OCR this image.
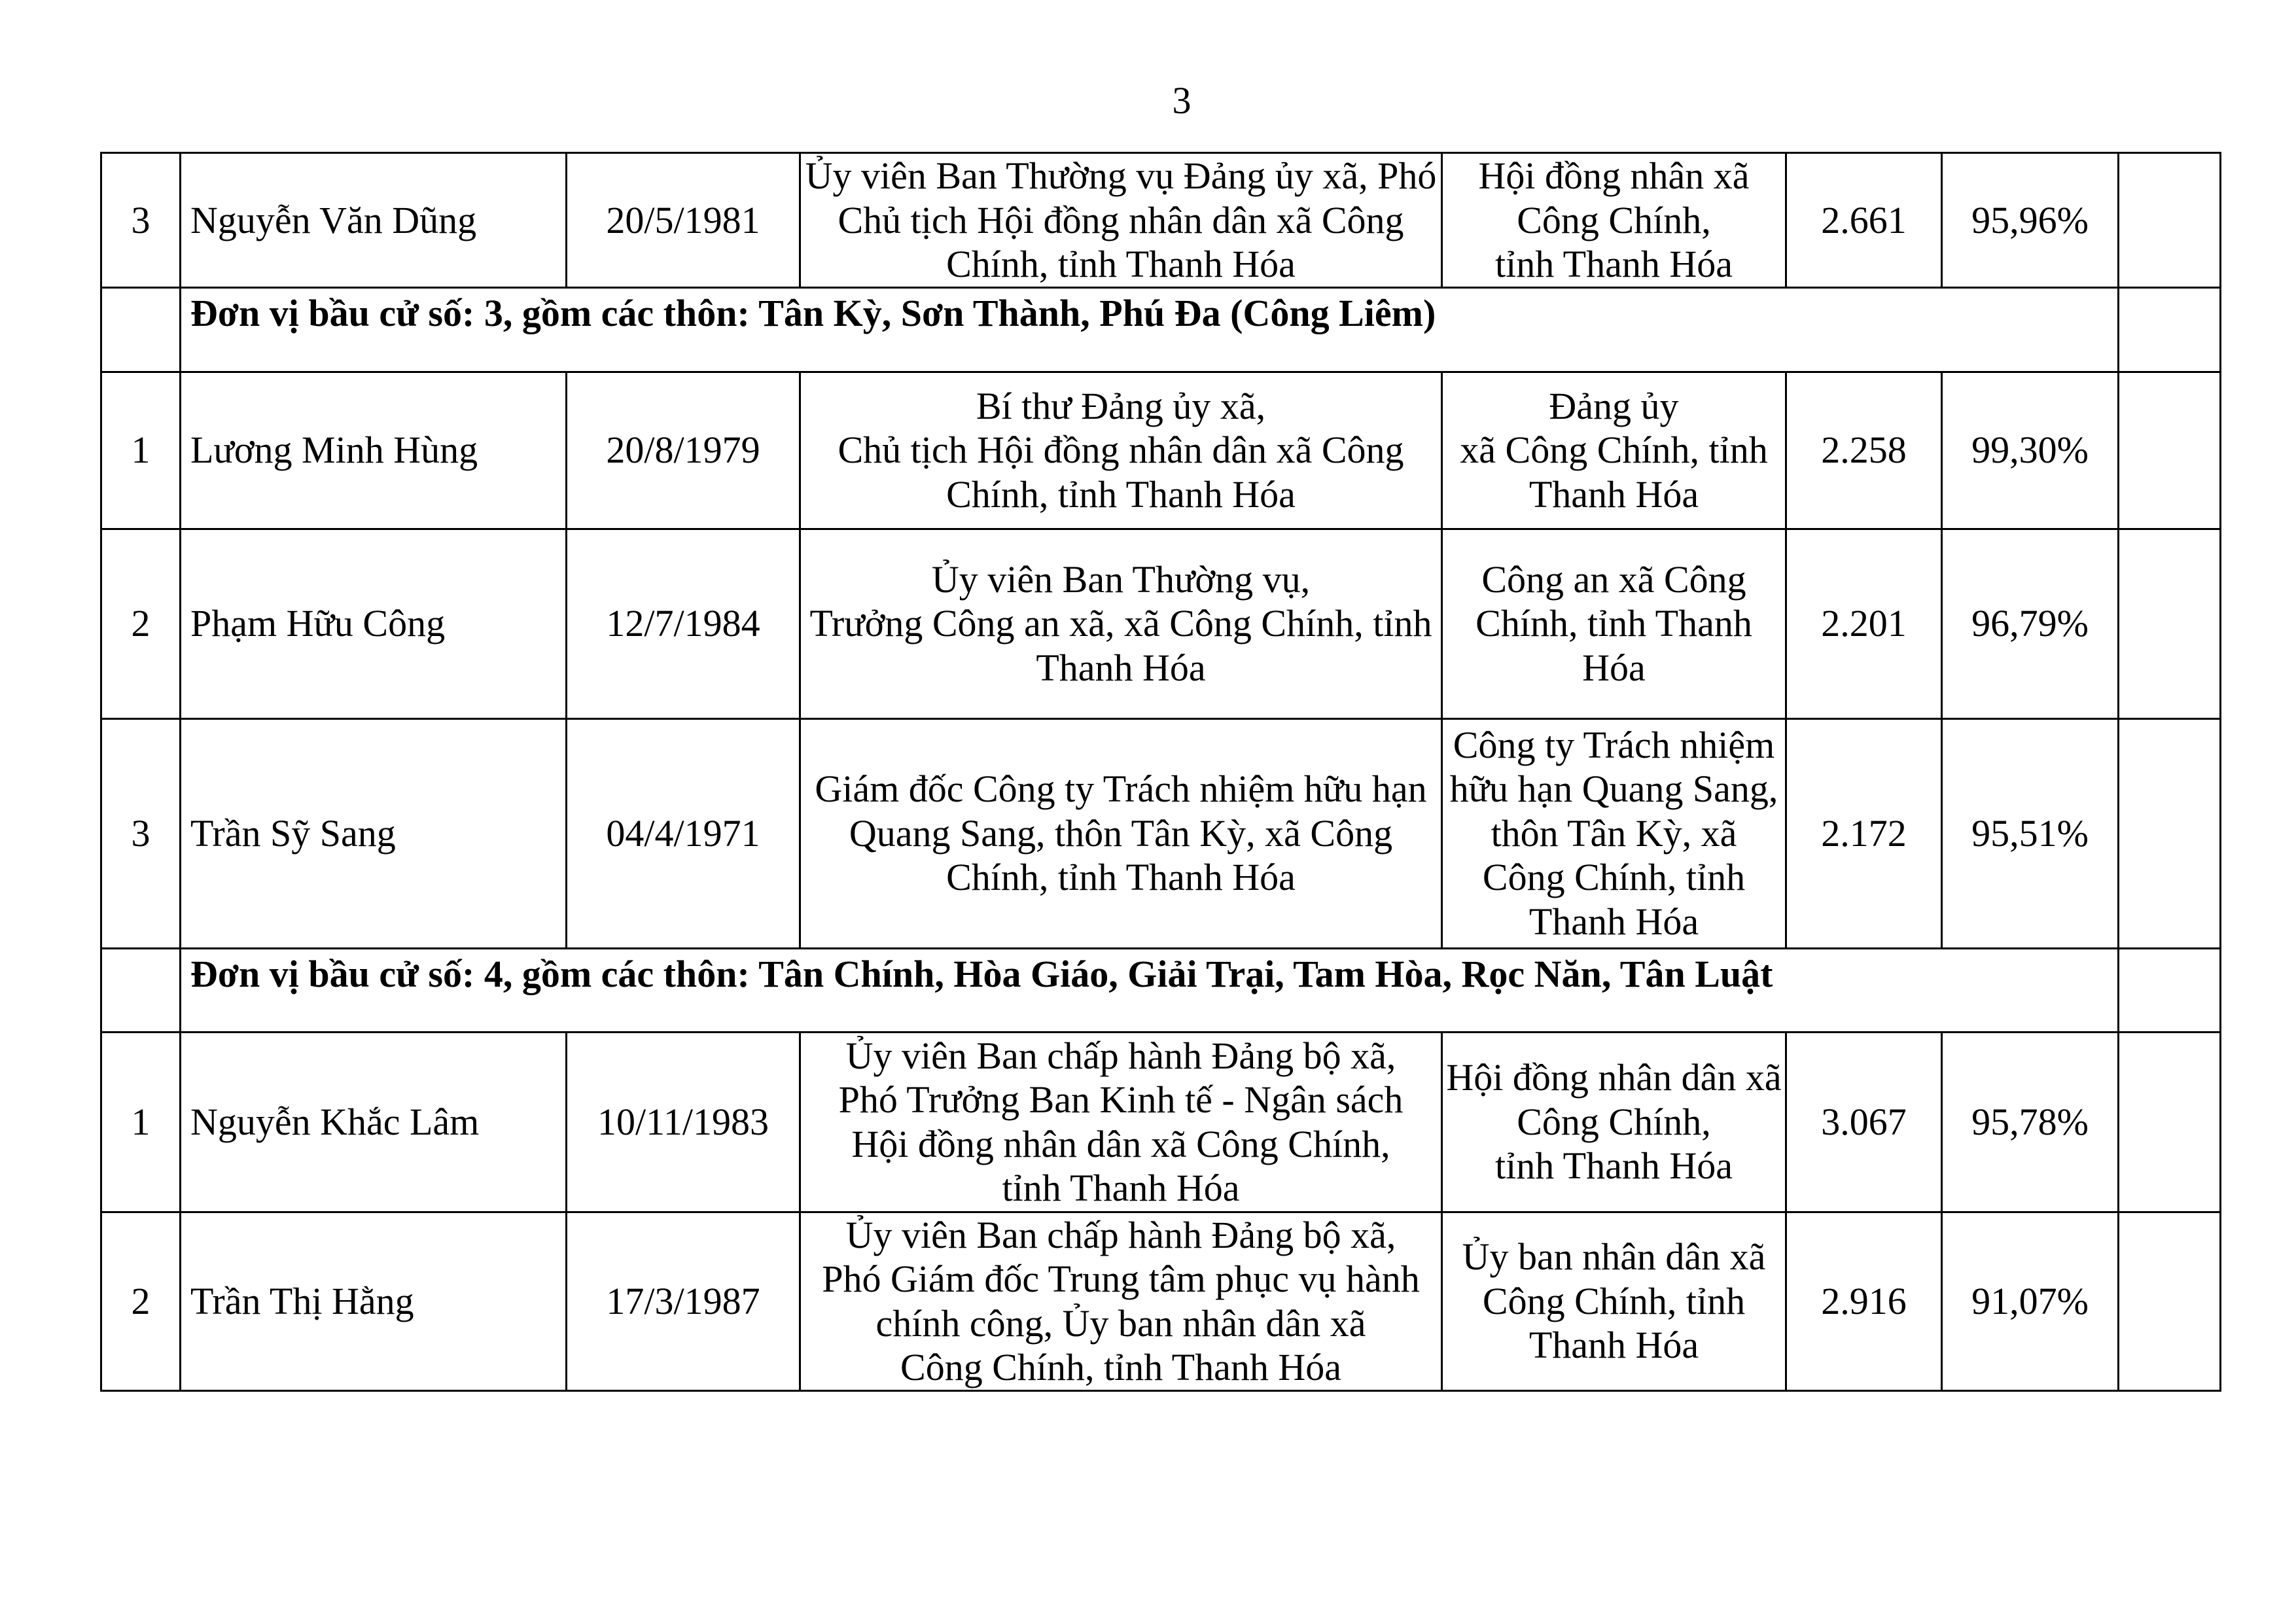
3
3	Nguyễn Văn Dũng	20/5/1981	Ủy viên Ban Thường vụ Đảng ủy xã, Phó
Chủ tịch Hội đồng nhân dân xã Công
Chính, tỉnh Thanh Hóa	Hội đồng nhân xã
Công Chính,
tỉnh Thanh Hóa	2.661	95,96%	
	Đơn vị bầu cử số: 3, gồm các thôn: Tân Kỳ, Sơn Thành, Phú Đa (Công Liêm)						
1	Lương Minh Hùng	20/8/1979	Bí thư Đảng ủy xã,
Chủ tịch Hội đồng nhân dân xã Công
Chính, tỉnh Thanh Hóa	Đảng ủy
xã Công Chính, tỉnh
Thanh Hóa	2.258	99,30%	
2	Phạm Hữu Công	12/7/1984	Ủy viên Ban Thường vụ,
Trưởng Công an xã, xã Công Chính, tỉnh
Thanh Hóa	Công an xã Công
Chính, tỉnh Thanh
Hóa	2.201	96,79%	
3	Trần Sỹ Sang	04/4/1971	Giám đốc Công ty Trách nhiệm hữu hạn
Quang Sang, thôn Tân Kỳ, xã Công
Chính, tỉnh Thanh Hóa	Công ty Trách nhiệm
hữu hạn Quang Sang,
thôn Tân Kỳ, xã
Công Chính, tỉnh
Thanh Hóa	2.172	95,51%	
	Đơn vị bầu cử số: 4, gồm các thôn: Tân Chính, Hòa Giáo, Giải Trại, Tam Hòa, Rọc Năn, Tân Luật						
1	Nguyễn Khắc Lâm	10/11/1983	Ủy viên Ban chấp hành Đảng bộ xã,
Phó Trưởng Ban Kinh tế - Ngân sách
Hội đồng nhân dân xã Công Chính,
tỉnh Thanh Hóa	Hội đồng nhân dân xã
Công Chính,
tỉnh Thanh Hóa	3.067	95,78%	
2	Trần Thị Hằng	17/3/1987	Ủy viên Ban chấp hành Đảng bộ xã,
Phó Giám đốc Trung tâm phục vụ hành
chính công, Ủy ban nhân dân xã
Công Chính, tỉnh Thanh Hóa	Ủy ban nhân dân xã
Công Chính, tỉnh
Thanh Hóa	2.916	91,07%	
